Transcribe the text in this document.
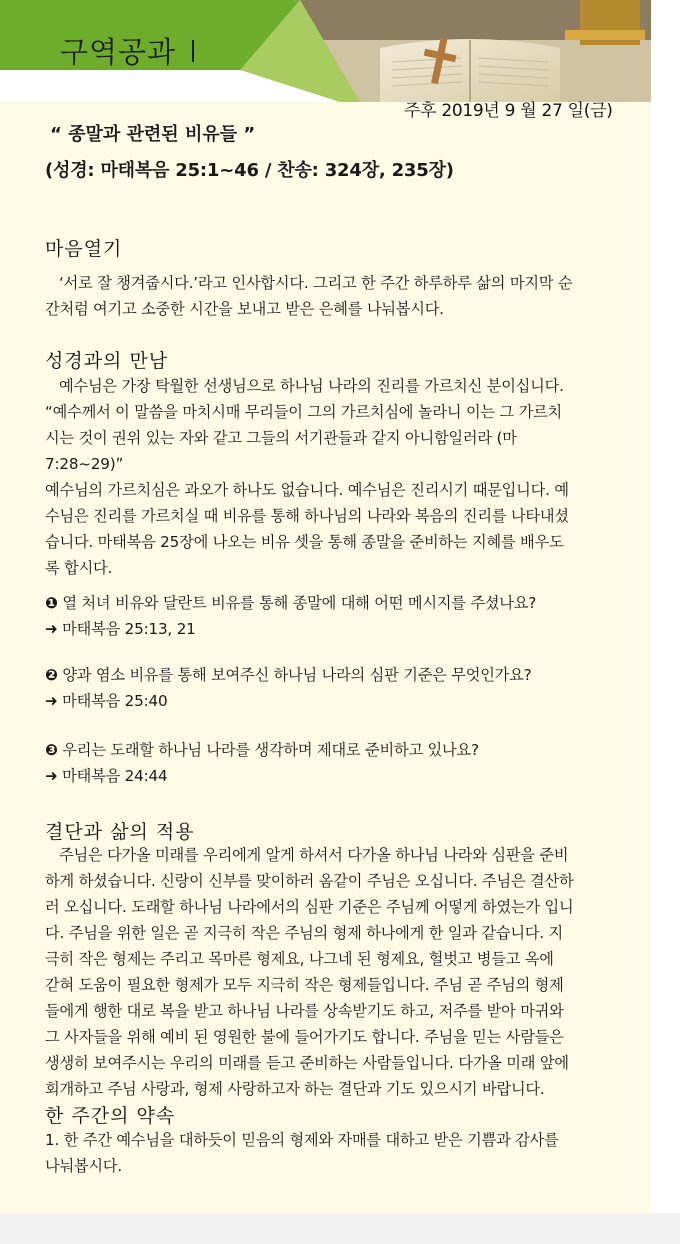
구역공과
주후 2019년 9 월 27 일(금)
“ 종말과 관련된 비유들 ”
(성경: 마태복음 25:1~46 / 찬송: 324장, 235장)
마음열기
‘서로 잘 챙겨줍시다.’라고 인사합시다. 그리고 한 주간 하루하루 삶의 마지막 순
간처럼 여기고 소중한 시간을 보내고 받은 은혜를 나눠봅시다.
성경과의 만남
예수님은 가장 탁월한 선생님으로 하나님 나라의 진리를 가르치신 분이십니다.
“예수께서 이 말씀을 마치시매 무리들이 그의 가르치심에 놀라니 이는 그 가르치
시는 것이 권위 있는 자와 같고 그들의 서기관들과 같지 아니함일러라 (마
7:28~29)”
예수님의 가르치심은 과오가 하나도 없습니다. 예수님은 진리시기 때문입니다. 예
수님은 진리를 가르치실 때 비유를 통해 하나님의 나라와 복음의 진리를 나타내셨
습니다. 마태복음 25장에 나오는 비유 셋을 통해 종말을 준비하는 지혜를 배우도
록 합시다.
❶ 열 처녀 비유와 달란트 비유를 통해 종말에 대해 어떤 메시지를 주셨나요?
➜ 마태복음 25:13, 21
❷ 양과 염소 비유를 통해 보여주신 하나님 나라의 심판 기준은 무엇인가요?
➜ 마태복음 25:40
❸ 우리는 도래할 하나님 나라를 생각하며 제대로 준비하고 있나요?
➜ 마태복음 24:44
결단과 삶의 적용
주님은 다가올 미래를 우리에게 알게 하셔서 다가올 하나님 나라와 심판을 준비
하게 하셨습니다. 신랑이 신부를 맞이하러 옴같이 주님은 오십니다. 주님은 결산하
러 오십니다. 도래할 하나님 나라에서의 심판 기준은 주님께 어떻게 하였는가 입니
다. 주님을 위한 일은 곧 지극히 작은 주님의 형제 하나에게 한 일과 같습니다. 지
극히 작은 형제는 주리고 목마른 형제요, 나그네 된 형제요, 헐벗고 병들고 옥에
갇혀 도움이 필요한 형제가 모두 지극히 작은 형제들입니다. 주님 곧 주님의 형제
들에게 행한 대로 복을 받고 하나님 나라를 상속받기도 하고, 저주를 받아 마귀와
그 사자들을 위해 예비 된 영원한 불에 들어가기도 합니다. 주님을 믿는 사람들은
생생히 보여주시는 우리의 미래를 듣고 준비하는 사람들입니다. 다가올 미래 앞에
회개하고 주님 사랑과, 형제 사랑하고자 하는 결단과 기도 있으시기 바랍니다.
한 주간의 약속
1. 한 주간 예수님을 대하듯이 믿음의 형제와 자매를 대하고 받은 기쁨과 감사를
나눠봅시다.
